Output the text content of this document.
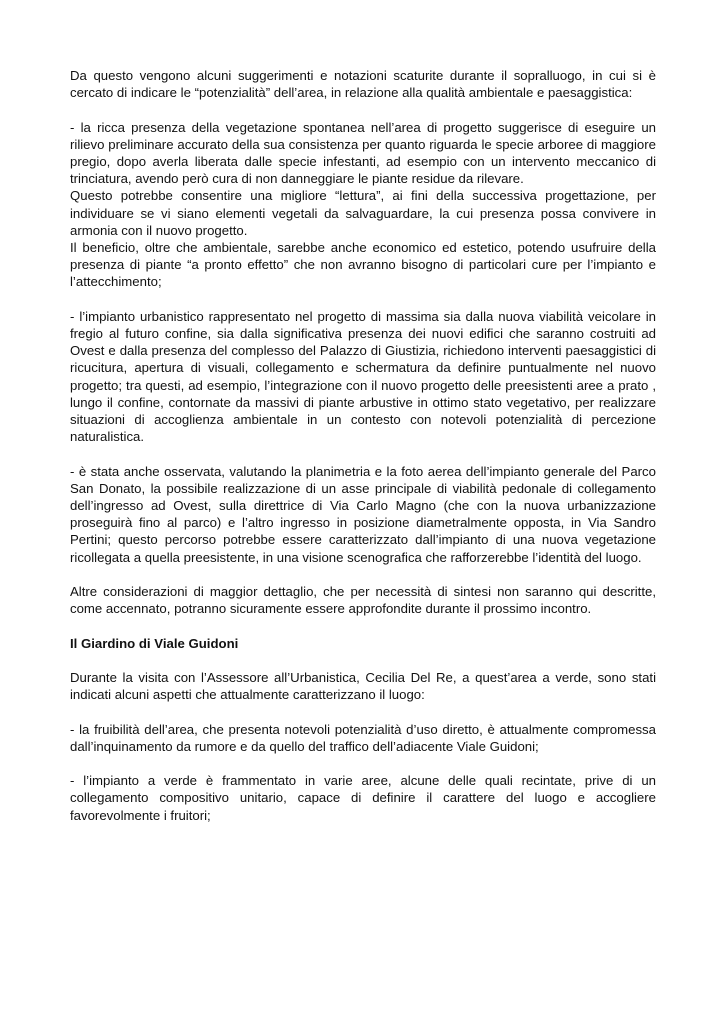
Da questo vengono alcuni suggerimenti e notazioni scaturite durante il sopralluogo, in cui si è cercato di indicare le “potenzialità” dell’area, in relazione alla qualità ambientale e paesaggistica:

- la ricca presenza della vegetazione spontanea nell’area di progetto suggerisce di eseguire un rilievo preliminare accurato della sua consistenza per quanto riguarda le specie arboree di maggiore pregio, dopo averla liberata dalle specie infestanti, ad esempio con un intervento meccanico di trinciatura, avendo però cura di non danneggiare le piante residue da rilevare.

Questo potrebbe consentire una migliore “lettura”, ai fini della successiva progettazione, per individuare se vi siano elementi vegetali da salvaguardare, la cui presenza possa convivere in armonia con il nuovo progetto.

Il beneficio, oltre che ambientale, sarebbe anche economico ed estetico, potendo usufruire della presenza di piante “a pronto effetto” che non avranno bisogno di particolari cure per l’impianto e l’attecchimento;

- l’impianto urbanistico rappresentato nel progetto di massima sia dalla nuova viabilità veicolare in fregio al futuro confine, sia dalla significativa presenza dei nuovi edifici che saranno costruiti ad Ovest e dalla presenza del complesso del Palazzo di Giustizia, richiedono interventi paesaggistici di ricucitura, apertura di visuali, collegamento e schermatura da definire puntualmente nel nuovo progetto; tra questi, ad esempio, l’integrazione con il nuovo progetto delle preesistenti aree a prato , lungo il confine, contornate da massivi di piante arbustive in ottimo stato vegetativo, per realizzare situazioni di accoglienza ambientale in un contesto con notevoli potenzialità di percezione naturalistica.

- è stata anche osservata, valutando la planimetria e la foto aerea dell’impianto generale del Parco San Donato, la possibile realizzazione di un asse principale di viabilità pedonale di collegamento dell’ingresso ad Ovest, sulla direttrice di Via Carlo Magno (che con la nuova urbanizzazione proseguirà fino al parco) e l’altro ingresso in posizione diametralmente opposta, in Via Sandro Pertini; questo percorso potrebbe essere caratterizzato dall’impianto di una nuova vegetazione ricollegata a quella preesistente, in una visione scenografica che rafforzerebbe l’identità del luogo.

Altre considerazioni di maggior dettaglio, che per necessità di sintesi non saranno qui descritte, come accennato, potranno sicuramente essere approfondite durante il prossimo incontro.

Il Giardino di Viale Guidoni

Durante la visita con l’Assessore all’Urbanistica, Cecilia Del Re, a quest’area a verde, sono stati indicati alcuni aspetti che attualmente caratterizzano il luogo:

- la fruibilità dell’area, che presenta notevoli potenzialità d’uso diretto, è attualmente compromessa dall’inquinamento da rumore e da quello del traffico dell’adiacente Viale Guidoni;

- l’impianto a verde è frammentato in varie aree, alcune delle quali recintate, prive di un collegamento compositivo unitario, capace di definire il carattere del luogo e accogliere favorevolmente i fruitori;
